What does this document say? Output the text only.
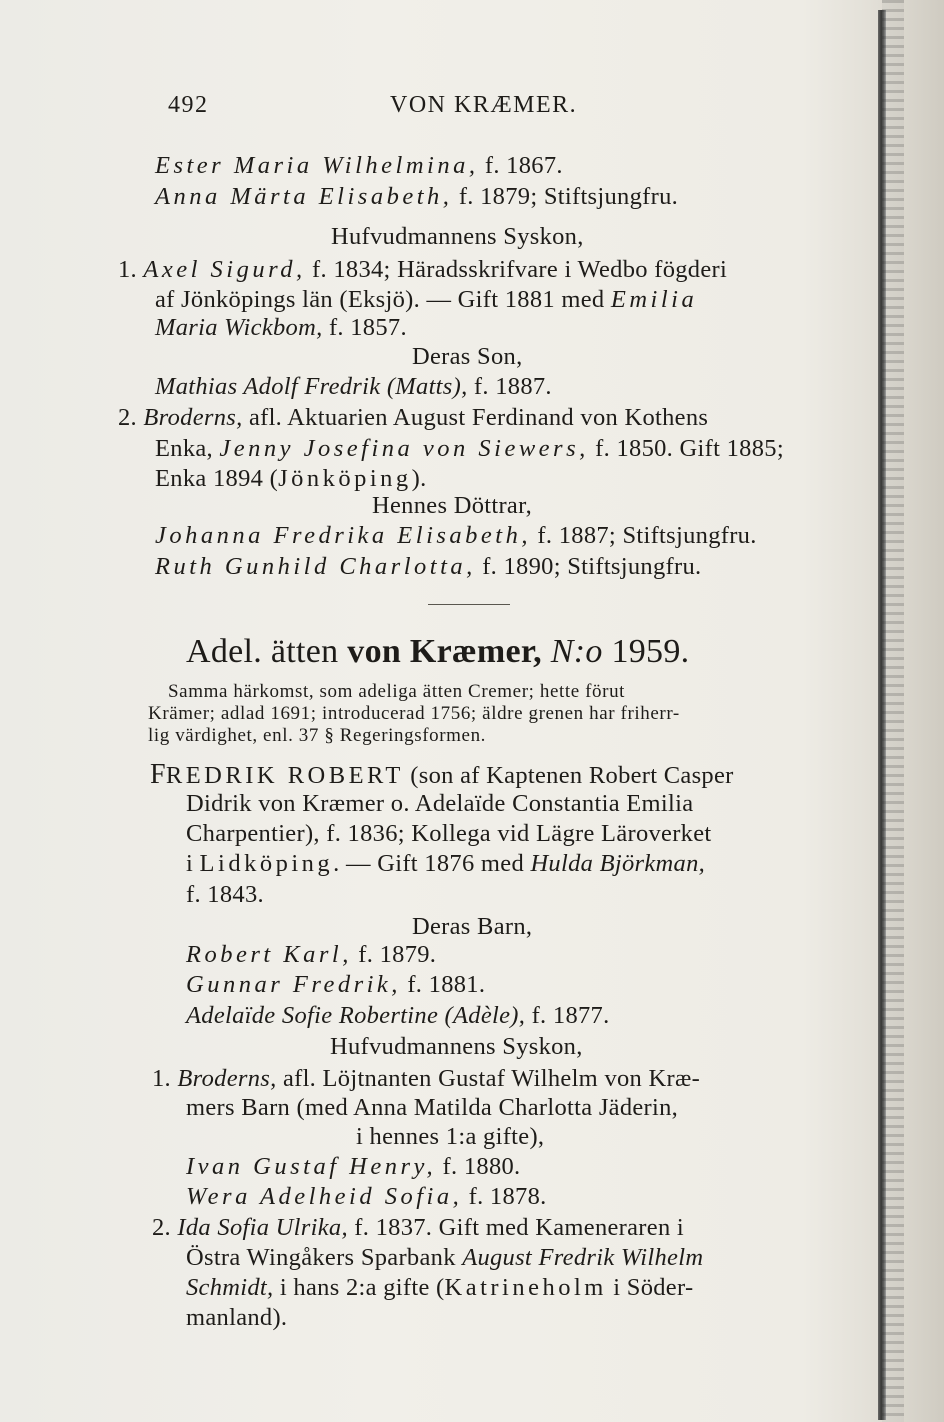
492	VON KRÆMER.
Ester Maria Wilhelmina, f. 1867.
Anna Märta Elisabeth, f. 1879; Stiftsjungfru.
Hufvudmannens Syskon,
1. Axel Sigurd, f. 1834; Häradsskrifvare i Wedbo fögderi
af Jönköpings län (Eksjö). — Gift 1881 med Emilia
Maria Wickbom, f. 1857.
Deras Son,
Mathias Adolf Fredrik (Matts), f. 1887.
2. Broderns, afl. Aktuarien August Ferdinand von Kothens
Enka, Jenny Josefina von Siewers, f. 1850. Gift 1885;
Enka 1894 (Jönköping).
Hennes Döttrar,
Johanna Fredrika Elisabeth, f. 1887; Stiftsjungfru.
Ruth Gunhild Charlotta, f. 1890; Stiftsjungfru.
Adel. ätten von Kræmer, N:o 1959.
Samma härkomst, som adeliga ätten Cremer; hette förut
Krämer; adlad 1691; introducerad 1756; äldre grenen har friherr-
lig värdighet, enl. 37 § Regeringsformen.
FREDRIK ROBERT (son af Kaptenen Robert Casper
Didrik von Kræmer o. Adelaïde Constantia Emilia
Charpentier), f. 1836; Kollega vid Lägre Läroverket
i Lidköping. — Gift 1876 med Hulda Björkman,
f. 1843.
Deras Barn,
Robert Karl, f. 1879.
Gunnar Fredrik, f. 1881.
Adelaïde Sofie Robertine (Adèle), f. 1877.
Hufvudmannens Syskon,
1. Broderns, afl. Löjtnanten Gustaf Wilhelm von Kræ-
mers Barn (med Anna Matilda Charlotta Jäderin,
i hennes 1:a gifte),
Ivan Gustaf Henry, f. 1880.
Wera Adelheid Sofia, f. 1878.
2. Ida Sofia Ulrika, f. 1837. Gift med Kameneraren i
Östra Wingåkers Sparbank August Fredrik Wilhelm
Schmidt, i hans 2:a gifte (Katrineholm i Söder-
manland).
